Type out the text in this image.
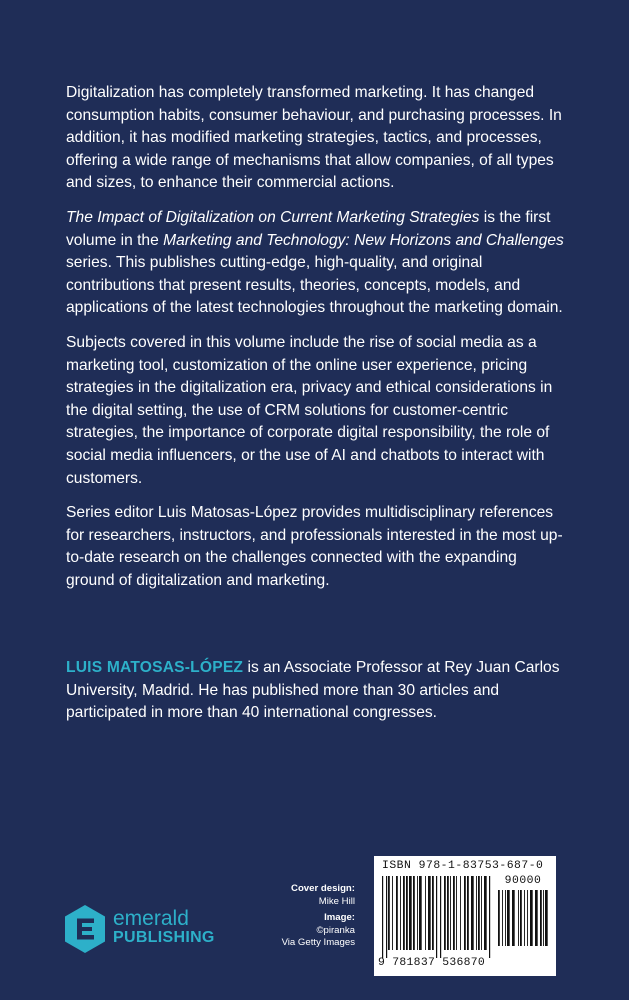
Digitalization has completely transformed marketing. It has changed consumption habits, consumer behaviour, and purchasing processes. In addition, it has modified marketing strategies, tactics, and processes, offering a wide range of mechanisms that allow companies, of all types and sizes, to enhance their commercial actions.

The Impact of Digitalization on Current Marketing Strategies is the first volume in the Marketing and Technology: New Horizons and Challenges series. This publishes cutting-edge, high-quality, and original contributions that present results, theories, concepts, models, and applications of the latest technologies throughout the marketing domain.

Subjects covered in this volume include the rise of social media as a marketing tool, customization of the online user experience, pricing strategies in the digitalization era, privacy and ethical considerations in the digital setting, the use of CRM solutions for customer-centric strategies, the importance of corporate digital responsibility, the role of social media influencers, or the use of AI and chatbots to interact with customers.

Series editor Luis Matosas-López provides multidisciplinary references for researchers, instructors, and professionals interested in the most up-to-date research on the challenges connected with the expanding ground of digitalization and marketing.

LUIS MATOSAS-LÓPEZ is an Associate Professor at Rey Juan Carlos University, Madrid. He has published more than 30 articles and participated in more than 40 international congresses.
emerald
PUBLISHING
Cover design:
Mike Hill
Image:
©piranka
Via Getty Images
ISBN 978-1-83753-687-0
90000
9 781837 536870
